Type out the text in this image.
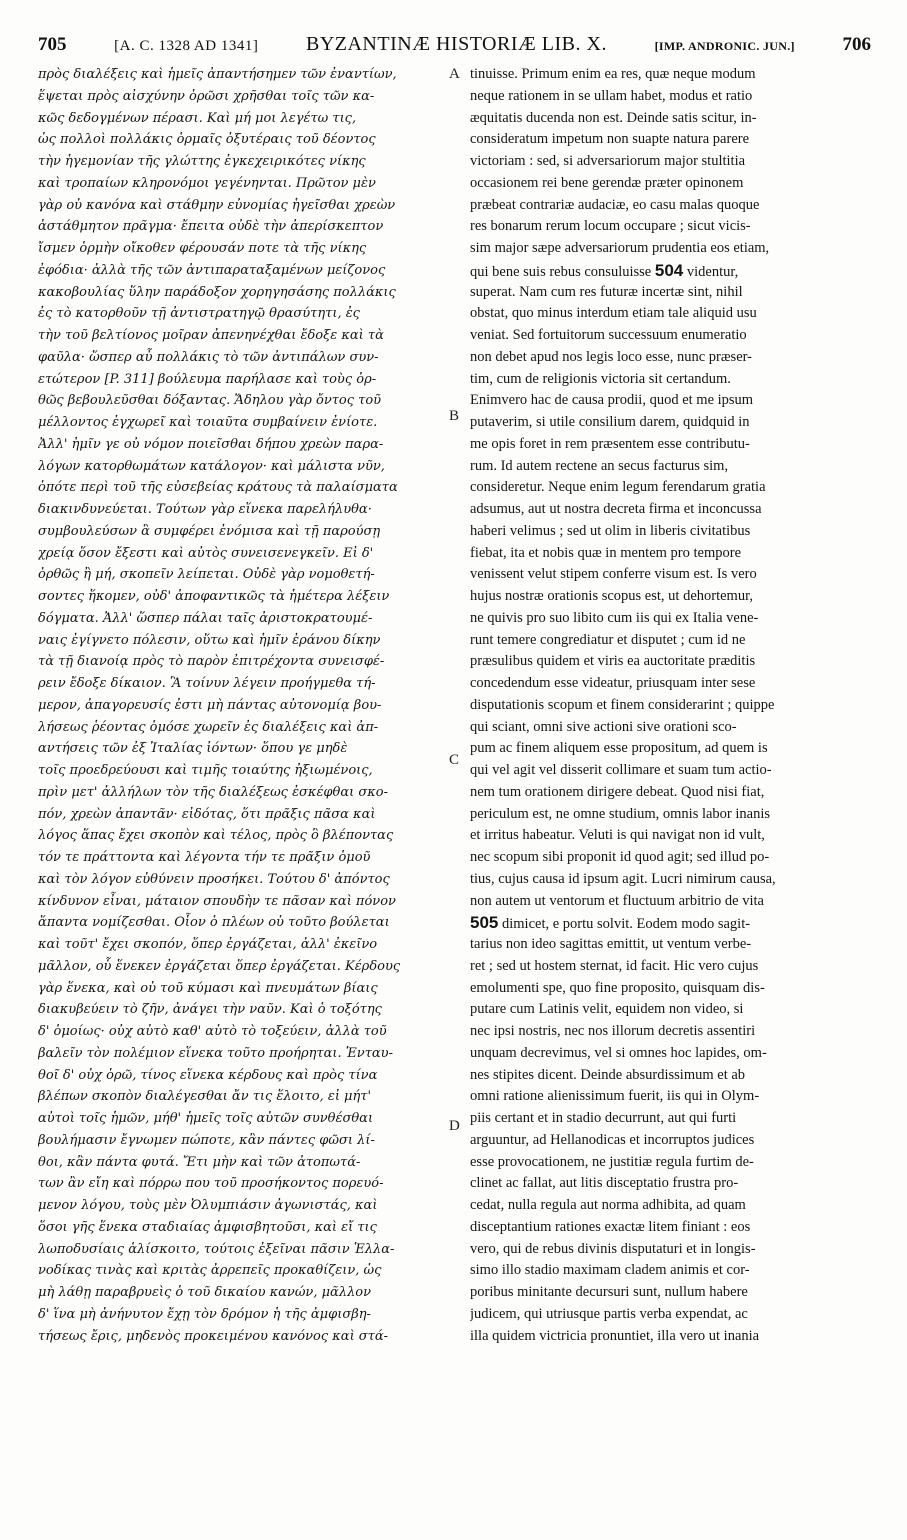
705	[A. C. 1328 AD 1341] BYZANTINÆ HISTORIÆ LIB. X.	[IMP. ANDRONIC. JUN.]	706
πρὸς διαλέξεις καὶ ἡμεῖς ἀπαντήσημεν τῶν ἐναντίων,
ἕψεται πρὸς αἰσχύνην ὁρῶσι χρῆσθαι τοῖς τῶν κα-
κῶς δεδογμένων πέρασι. Καὶ μή μοι λεγέτω τις,
ὡς πολλοὶ πολλάκις ὁρμαῖς ὀξυτέραις τοῦ δέοντος
τὴν ἡγεμονίαν τῆς γλώττης ἐγκεχειρικότες νίκης
καὶ τροπαίων κληρονόμοι γεγένηνται. Πρῶτον μὲν
γὰρ οὐ κανόνα καὶ στάθμην εὐνομίας ἡγεῖσθαι χρεὼν
ἀστάθμητον πρᾶγμα· ἔπειτα οὐδὲ τὴν ἀπερίσκεπτον
ἴσμεν ὁρμὴν οἴκοθεν φέρουσάν ποτε τὰ τῆς νίκης
ἐφόδια· ἀλλὰ τῆς τῶν ἀντιπαραταξαμένων μείζονος
κακοβουλίας ὕλην παράδοξον χορηγησάσης πολλάκις
ἐς τὸ κατορθοῦν τῇ ἀντιστρατηγῷ θρασύτητι, ἐς
τὴν τοῦ βελτίονος μοῖραν ἀπενηνέχθαι ἔδοξε καὶ τὰ
φαῦλα· ὥσπερ αὖ πολλάκις τὸ τῶν ἀντιπάλων συν-
ετώτερον [P. 311] βούλευμα παρήλασε καὶ τοὺς ὀρ-
θῶς βεβουλεῦσθαι δόξαντας. Ἄδηλου γὰρ ὄντος τοῦ
μέλλοντος ἐγχωρεῖ καὶ τοιαῦτα συμβαίνειν ἐνίοτε.
Ἀλλ' ἡμῖν γε οὐ νόμον ποιεῖσθαι δήπου χρεὼν παρα-
λόγων κατορθωμάτων κατάλογον· καὶ μάλιστα νῦν,
ὁπότε περὶ τοῦ τῆς εὐσεβείας κράτους τὰ παλαίσματα
διακινδυνεύεται. Τούτων γὰρ εἵνεκα παρελήλυθα·
συμβουλεύσων ἃ συμφέρει ἐνόμισα καὶ τῇ παρούσῃ
χρείᾳ ὅσον ἔξεστι καὶ αὐτὸς συνεισενεγκεῖν. Εἰ δ'
ὀρθῶς ἢ μή, σκοπεῖν λείπεται. Οὐδὲ γὰρ νομοθετή-
σοντες ἥκομεν, οὐδ' ἀποφαντικῶς τὰ ἡμέτερα λέξειν
δόγματα. Ἀλλ' ὥσπερ πάλαι ταῖς ἀριστοκρατουμέ-
ναις ἐγίγνετο πόλεσιν, οὕτω καὶ ἡμῖν ἐράνου δίκην
τὰ τῇ διανοίᾳ πρὸς τὸ παρὸν ἐπιτρέχοντα συνεισφέ-
ρειν ἔδοξε δίκαιον. Ἃ τοίνυν λέγειν προήγμεθα τή-
μερον, ἀπαγορευσίς ἐστι μὴ πάντας αὐτονομίᾳ βου-
λήσεως ῥέοντας ὁμόσε χωρεῖν ἐς διαλέξεις καὶ ἀπ-
αντήσεις τῶν ἐξ Ἰταλίας ἰόντων· ὅπου γε μηδὲ
τοῖς προεδρεύουσι καὶ τιμῆς τοιαύτης ἠξιωμένοις,
πρὶν μετ' ἀλλήλων τὸν τῆς διαλέξεως ἐσκέφθαι σκο-
πόν, χρεὼν ἀπαντᾶν· εἰδότας, ὅτι πρᾶξις πᾶσα καὶ
λόγος ἅπας ἔχει σκοπὸν καὶ τέλος, πρὸς ὃ βλέποντας
τόν τε πράττοντα καὶ λέγοντα τήν τε πρᾶξιν ὁμοῦ
καὶ τὸν λόγον εὐθύνειν προσήκει. Τούτου δ' ἀπόντος
κίνδυνον εἶναι, μάταιον σπουδὴν τε πᾶσαν καὶ πόνον
ἅπαντα νομίζεσθαι. Οἷον ὁ πλέων οὐ τοῦτο βούλεται
καὶ τοῦτ' ἔχει σκοπόν, ὅπερ ἐργάζεται, ἀλλ' ἐκεῖνο
μᾶλλον, οὗ ἕνεκεν ἐργάζεται ὅπερ ἐργάζεται. Κέρδους
γὰρ ἕνεκα, καὶ οὐ τοῦ κύμασι καὶ πνευμάτων βίαις
διακυβεύειν τὸ ζῆν, ἀνάγει τὴν ναῦν. Καὶ ὁ τοξότης
δ' ὁμοίως· οὐχ αὐτὸ καθ' αὑτὸ τὸ τοξεύειν, ἀλλὰ τοῦ
βαλεῖν τὸν πολέμιον εἵνεκα τοῦτο προήρηται. Ἐνταυ-
θοῖ δ' οὐχ ὁρῶ, τίνος εἵνεκα κέρδους καὶ πρὸς τίνα
βλέπων σκοπὸν διαλέγεσθαι ἄν τις ἕλοιτο, εἰ μήτ'
αὐτοὶ τοῖς ἡμῶν, μήθ' ἡμεῖς τοῖς αὐτῶν συνθέσθαι
βουλήμασιν ἔγνωμεν πώποτε, κἂν πάντες φῶσι λί-
θοι, κἂν πάντα φυτά. Ἔτι μὴν καὶ τῶν ἀτοπωτά-
των ἂν εἴη καὶ πόρρω που τοῦ προσήκοντος πορευό-
μενον λόγου, τοὺς μὲν Ὀλυμπιάσιν ἀγωνιστάς, καὶ
ὅσοι γῆς ἕνεκα σταδιαίας ἀμφισβητοῦσι, καὶ εἴ τις
λωποδυσίαις ἁλίσκοιτο, τούτοις ἐξεῖναι πᾶσιν Ἑλλα-
νοδίκας τινὰς καὶ κριτὰς ἀρρεπεῖς προκαθίζειν, ὡς
μὴ λάθῃ παραβρυεὶς ὁ τοῦ δικαίου κανών, μᾶλλον
δ' ἵνα μὴ ἀνήνυτον ἔχῃ τὸν δρόμον ἡ τῆς ἀμφισβη-
τήσεως ἔρις, μηδενὸς προκειμένου κανόνος καὶ στά-
tinuisse. Primum enim ea res, quæ neque modum
neque rationem in se ullam habet, modus et ratio
æquitatis ducenda non est. Deinde satis scitur, in-
consideratum impetum non suapte natura parere
victoriam : sed, si adversariorum major stultitia
occasionem rei bene gerendæ præter opinonem
præbeat contrariæ audaciæ, eo casu malas quoque
res bonarum rerum locum occupare ; sicut vicis-
sim major sæpe adversariorum prudentia eos etiam,
qui bene suis rebus consuluisse 504 videntur,
superat. Nam cum res futuræ incertæ sint, nihil
obstat, quo minus interdum etiam tale aliquid usu
veniat. Sed fortuitorum successuum enumeratio
non debet apud nos legis loco esse, nunc præser-
tim, cum de religionis victoria sit certandum.
Enimvero hac de causa prodii, quod et me ipsum
putaverim, si utile consilium darem, quidquid in
me opis foret in rem præsentem esse contributu-
rum. Id autem rectene an secus facturus sim,
consideretur. Neque enim legum ferendarum gratia
adsumus, aut ut nostra decreta firma et inconcussa
haberi velimus ; sed ut olim in liberis civitatibus
fiebat, ita et nobis quæ in mentem pro tempore
venissent velut stipem conferre visum est. Is vero
hujus nostræ orationis scopus est, ut dehortemur,
ne quivis pro suo libito cum iis qui ex Italia vene-
runt temere congrediatur et disputet ; cum id ne
præsulibus quidem et viris ea auctoritate præditis
concedendum esse videatur, priusquam inter sese
disputationis scopum et finem considerarint ; quippe
qui sciant, omni sive actioni sive orationi sco-
pum ac finem aliquem esse propositum, ad quem is
qui vel agit vel disserit collimare et suam tum actio-
nem tum orationem dirigere debeat. Quod nisi fiat,
periculum est, ne omne studium, omnis labor inanis
et irritus habeatur. Veluti is qui navigat non id vult,
nec scopum sibi proponit id quod agit; sed illud po-
tius, cujus causa id ipsum agit. Lucri nimirum causa,
non autem ut ventorum et fluctuum arbitrio de vita
505 dimicet, e portu solvit. Eodem modo sagit-
tarius non ideo sagittas emittit, ut ventum verbe-
ret ; sed ut hostem sternat, id facit. Hic vero cujus
emolumenti spe, quo fine proposito, quisquam dis-
putare cum Latinis velit, equidem non video, si
nec ipsi nostris, nec nos illorum decretis assentiri
unquam decrevimus, vel si omnes hoc lapides, om-
nes stipites dicent. Deinde absurdissimum et ab
omni ratione alienissimum fuerit, iis qui in Olym-
piis certant et in stadio decurrunt, aut qui furti
arguuntur, ad Hellanodicas et incorruptos judices
esse provocationem, ne justitiæ regula furtim de-
clinet ac fallat, aut litis disceptatio frustra pro-
cedat, nulla regula aut norma adhibita, ad quam
disceptantium rationes exactæ litem finiant : eos
vero, qui de rebus divinis disputaturi et in longis-
simo illo stadio maximam cladem animis et cor-
poribus minitante decursuri sunt, nullum habere
judicem, qui utriusque partis verba expendat, ac
illa quidem victricia pronuntiet, illa vero ut inania
A
B
C
D
